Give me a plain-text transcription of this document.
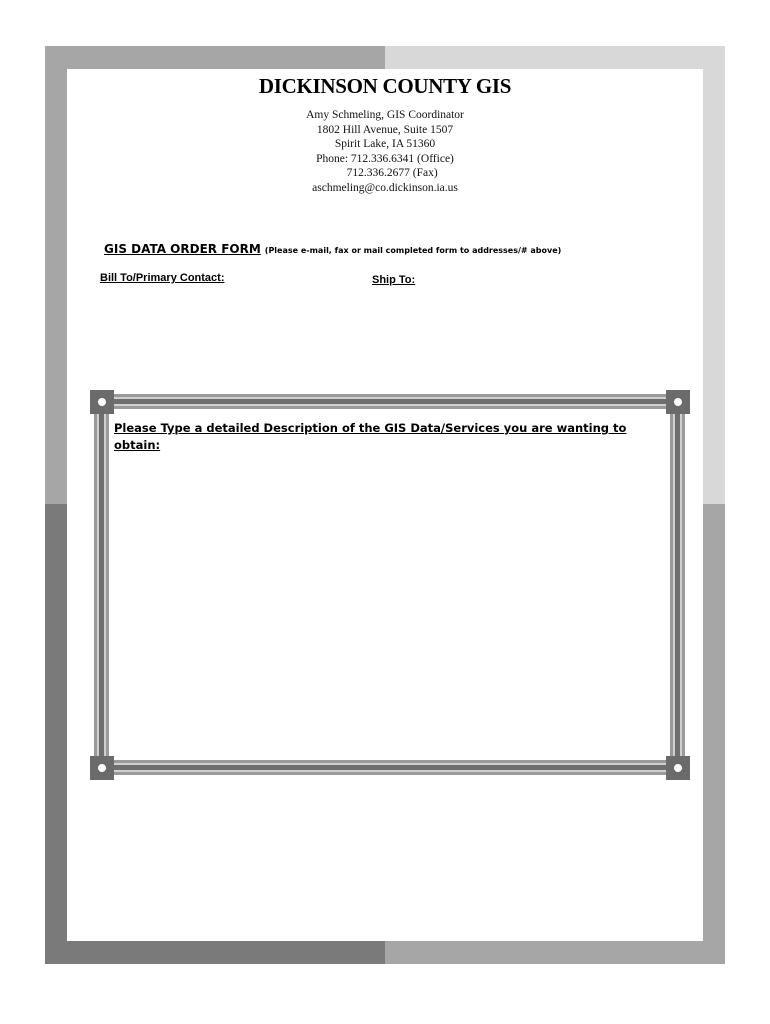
DICKINSON COUNTY GIS
Amy Schmeling, GIS Coordinator
1802 Hill Avenue, Suite 1507
Spirit Lake, IA 51360
Phone: 712.336.6341 (Office)
712.336.2677 (Fax)
aschmeling@co.dickinson.ia.us
GIS DATA ORDER FORM (Please e-mail, fax or mail completed form to addresses/# above)
Bill To/Primary Contact:	Ship To:
Please Type a detailed Description of the GIS Data/Services you are wanting to obtain:
